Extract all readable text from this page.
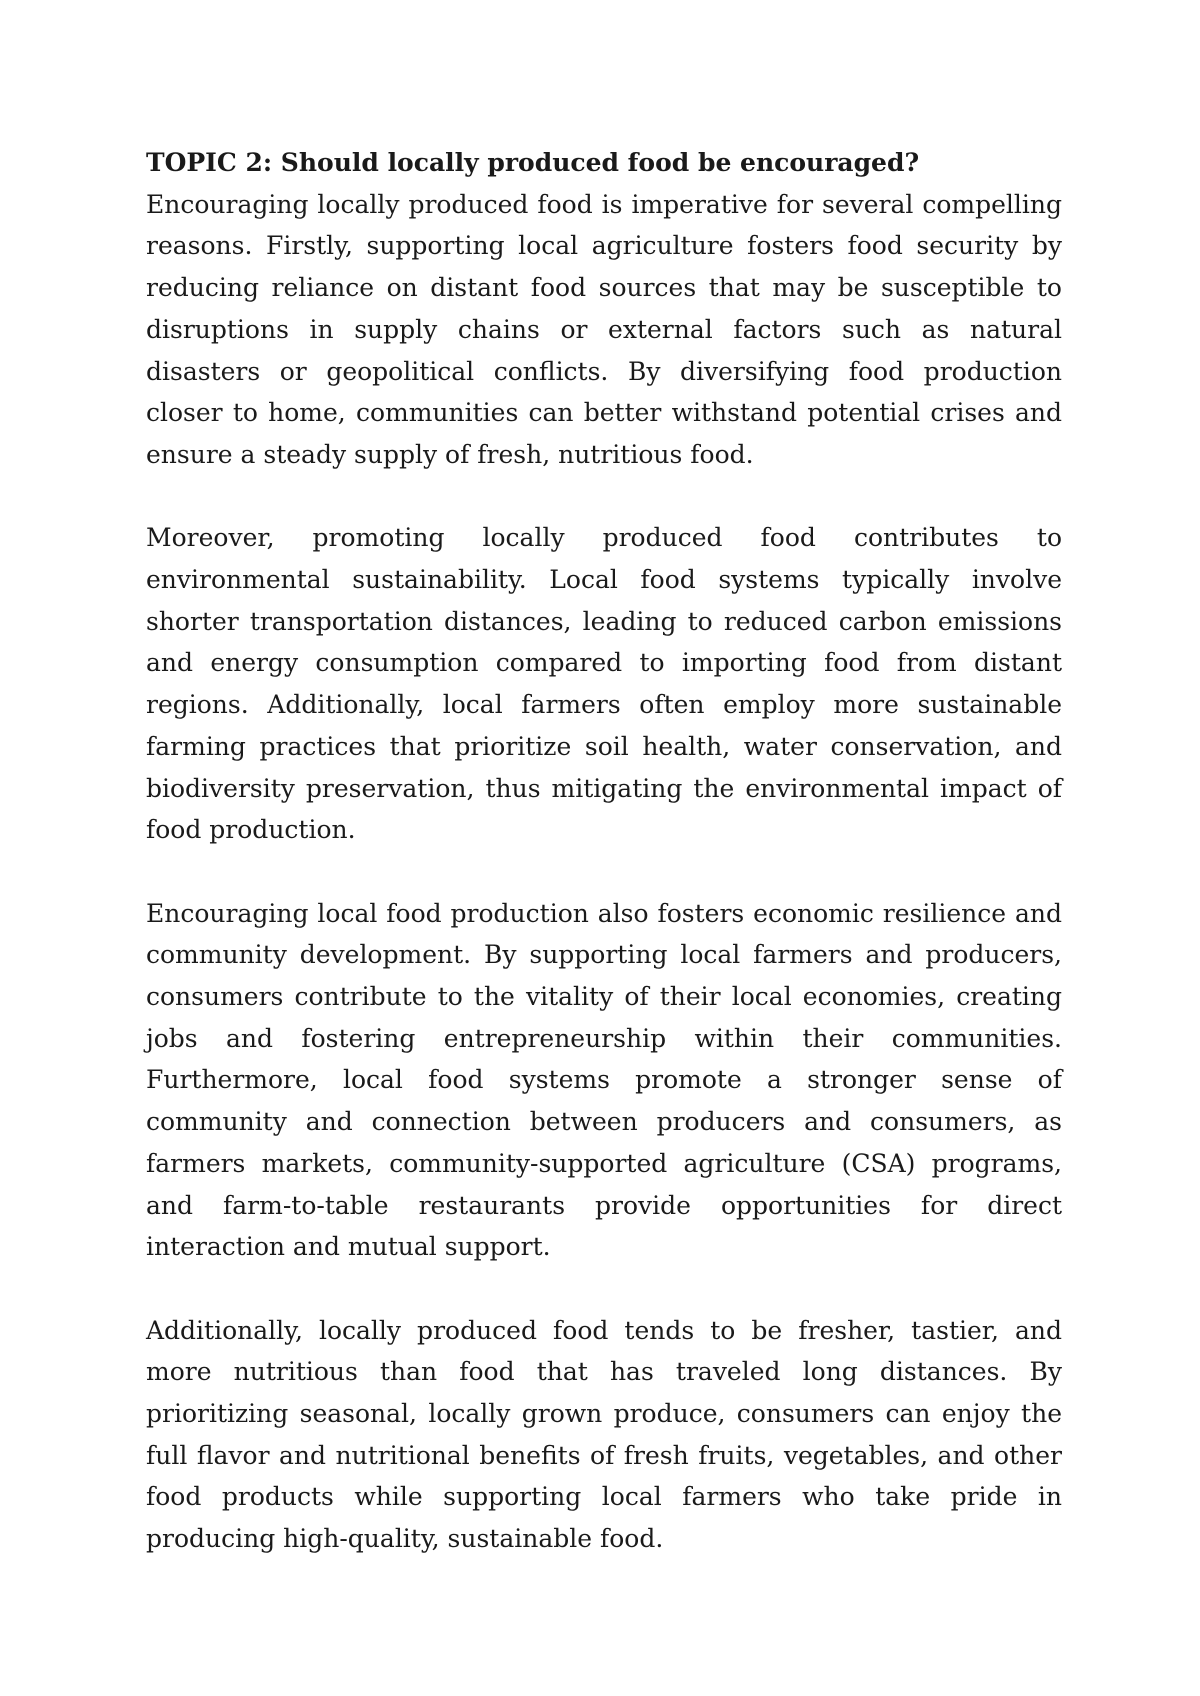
TOPIC 2: Should locally produced food be encouraged?

Encouraging locally produced food is imperative for several compelling reasons. Firstly, supporting local agriculture fosters food security by reducing reliance on distant food sources that may be susceptible to disruptions in supply chains or external factors such as natural disasters or geopolitical conflicts. By diversifying food production closer to home, communities can better withstand potential crises and ensure a steady supply of fresh, nutritious food.

Moreover, promoting locally produced food contributes to environmental sustainability. Local food systems typically involve shorter transportation distances, leading to reduced carbon emissions and energy consumption compared to importing food from distant regions. Additionally, local farmers often employ more sustainable farming practices that prioritize soil health, water conservation, and biodiversity preservation, thus mitigating the environmental impact of food production.

Encouraging local food production also fosters economic resilience and community development. By supporting local farmers and producers, consumers contribute to the vitality of their local economies, creating jobs and fostering entrepreneurship within their communities. Furthermore, local food systems promote a stronger sense of community and connection between producers and consumers, as farmers markets, community-supported agriculture (CSA) programs, and farm-to-table restaurants provide opportunities for direct interaction and mutual support.

Additionally, locally produced food tends to be fresher, tastier, and more nutritious than food that has traveled long distances. By prioritizing seasonal, locally grown produce, consumers can enjoy the full flavor and nutritional benefits of fresh fruits, vegetables, and other food products while supporting local farmers who take pride in producing high-quality, sustainable food.
